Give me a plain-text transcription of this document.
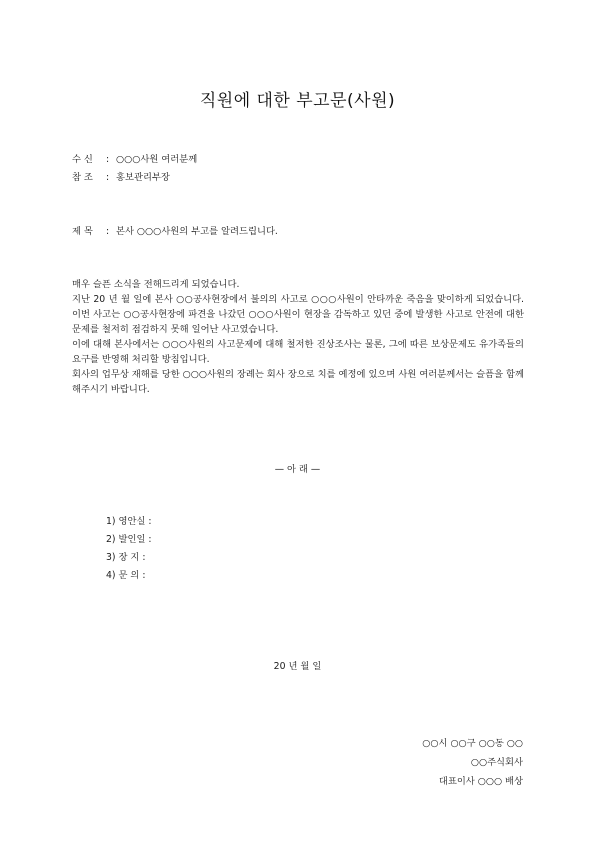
직원에 대한 부고문(사원)
수 신 : ○○○사원 여러분께
참 조 : 홍보관리부장
제 목 : 본사 ○○○사원의 부고를 알려드립니다.

매우 슬픈 소식을 전해드리게 되었습니다.

지난 20 년 월 일에 본사 ○○공사현장에서 불의의 사고로 ○○○사원이 안타까운 죽음을 맞이하게 되었습니다. 이번 사고는 ○○공사현장에 파견을 나갔던 ○○○사원이 현장을 감독하고 있던 중에 발생한 사고로 안전에 대한 문제를 철저히 점검하지 못해 일어난 사고였습니다.

이에 대해 본사에서는 ○○○사원의 사고문제에 대해 철저한 진상조사는 물론, 그에 따른 보상문제도 유가족들의 요구를 반영해 처리할 방침입니다.

회사의 업무상 재해를 당한 ○○○사원의 장례는 회사 장으로 치를 예정에 있으며 사원 여러분께서는 슬픔을 함께 해주시기 바랍니다.

— 아 래 —
1) 영안실 :
2) 발인일 :
3) 장 지 :
4) 문 의 :
20 년 월 일
○○시 ○○구 ○○동 ○○
○○주식회사
대표이사 ○○○ 배상
